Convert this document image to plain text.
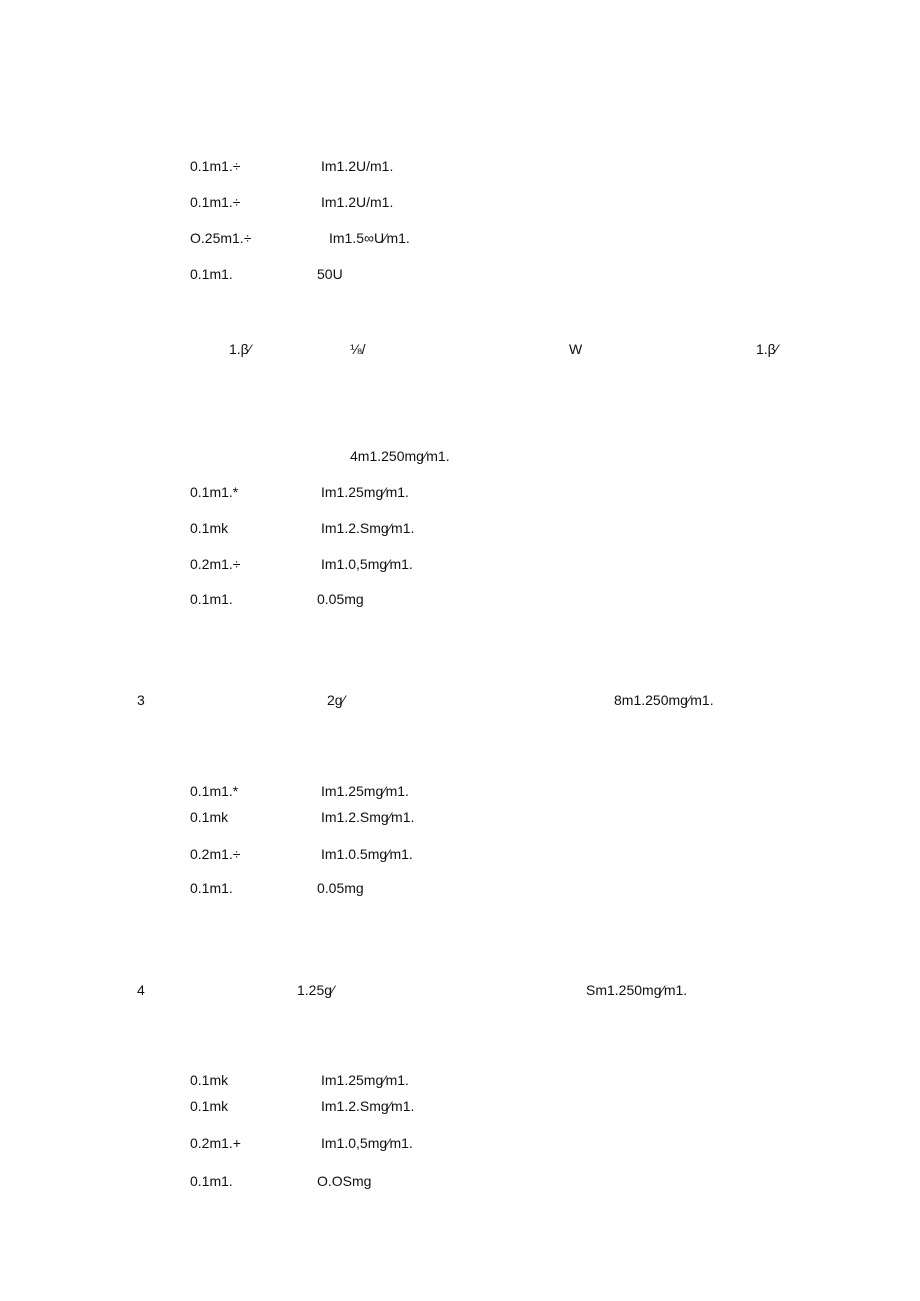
0.1m1.÷	Im1.2U/m1.
0.1m1.÷	Im1.2U/m1.
O.25m1.÷	Im1.5∞U⁄m1.
0.1m1.	50U
1.β⁄	⅛/	W	1.β⁄
4m1.250mg⁄m1.
0.1m1.*	Im1.25mg⁄m1.
0.1mk	Im1.2.Smg⁄m1.
0.2m1.÷	Im1.0,5mg⁄m1.
0.1m1.	0.05mg
3	2g⁄	8m1.250mg⁄m1.
0.1m1.*	Im1.25mg⁄m1.
0.1mk	Im1.2.Smg⁄m1.
0.2m1.÷	Im1.0.5mg⁄m1.
0.1m1.	0.05mg
4	1.25g⁄	Sm1.250mg⁄m1.
0.1mk	Im1.25mg⁄m1.
0.1mk	Im1.2.Smg⁄m1.
0.2m1.+	Im1.0,5mg⁄m1.
0.1m1.	O.OSmg
